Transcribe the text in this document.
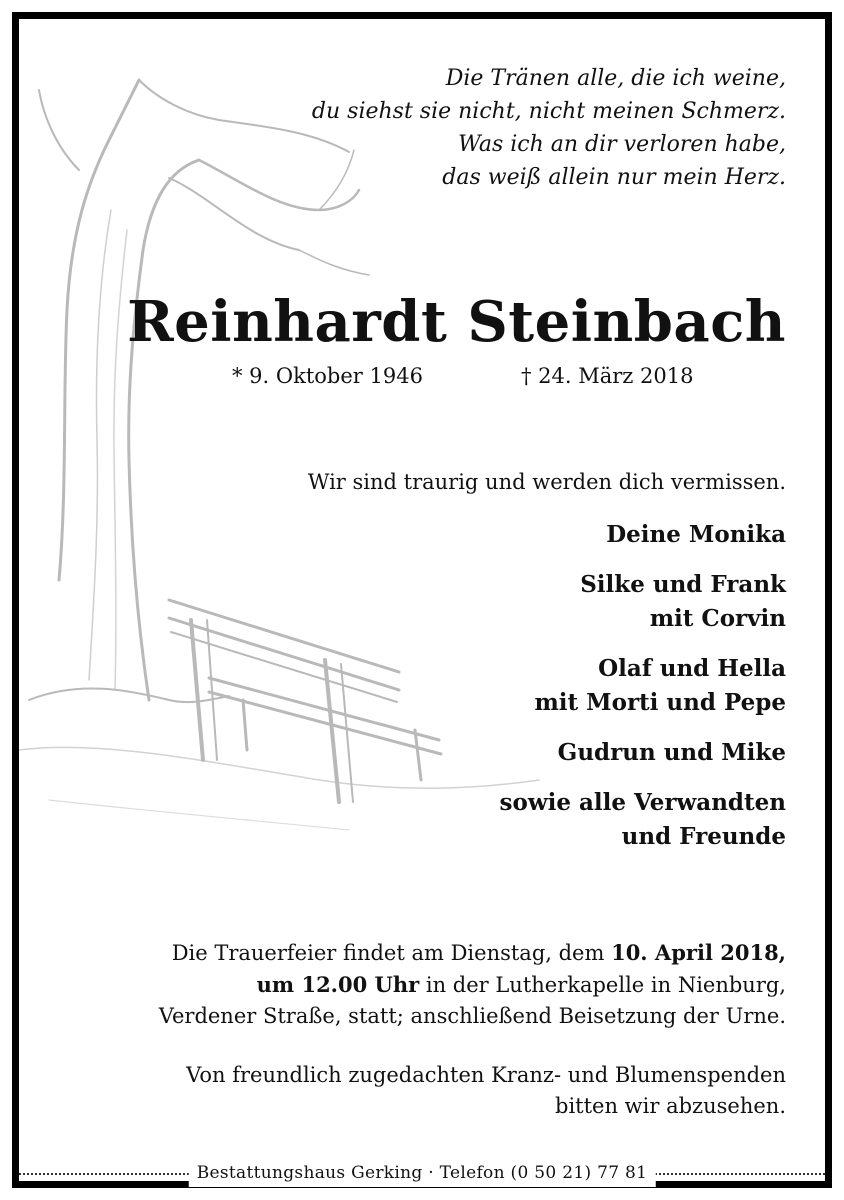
Die Tränen alle, die ich weine,
du siehst sie nicht, nicht meinen Schmerz.
Was ich an dir verloren habe,
das weiß allein nur mein Herz.
Reinhardt Steinbach
* 9. Oktober 1946	† 24. März 2018
Wir sind traurig und werden dich vermissen.
Deine Monika
Silke und Frank
mit Corvin
Olaf und Hella
mit Morti und Pepe
Gudrun und Mike
sowie alle Verwandten
und Freunde
Die Trauerfeier findet am Dienstag, dem 10. April 2018,
um 12.00 Uhr in der Lutherkapelle in Nienburg,
Verdener Straße, statt; anschließend Beisetzung der Urne.
Von freundlich zugedachten Kranz- und Blumenspenden
bitten wir abzusehen.
Bestattungshaus Gerking · Telefon (0 50 21) 77 81
